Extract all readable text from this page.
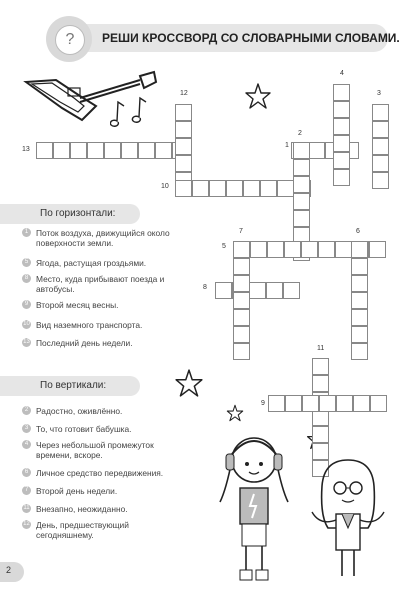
?	РЕШИ КРОССВОРД СО СЛОВАРНЫМИ СЛОВАМИ.
1
2
3
4
5
6
7
8
9
10
11
12
13
По горизонтали:
1 Поток воздуха, движущийся около поверхности земли.
5 Ягода, растущая гроздьями.
8 Место, куда прибывают поезда и автобусы.
9 Второй месяц весны.
10 Вид наземного транспорта.
13 Последний день недели.
По вертикали:
2 Радостно, оживлённо.
3 То, что готовит бабушка.
4 Через небольшой промежуток времени, вскоре.
6 Личное средство передвижения.
7 Второй день недели.
11 Внезапно, неожиданно.
12 День, предшествующий сегодняшнему.
2
